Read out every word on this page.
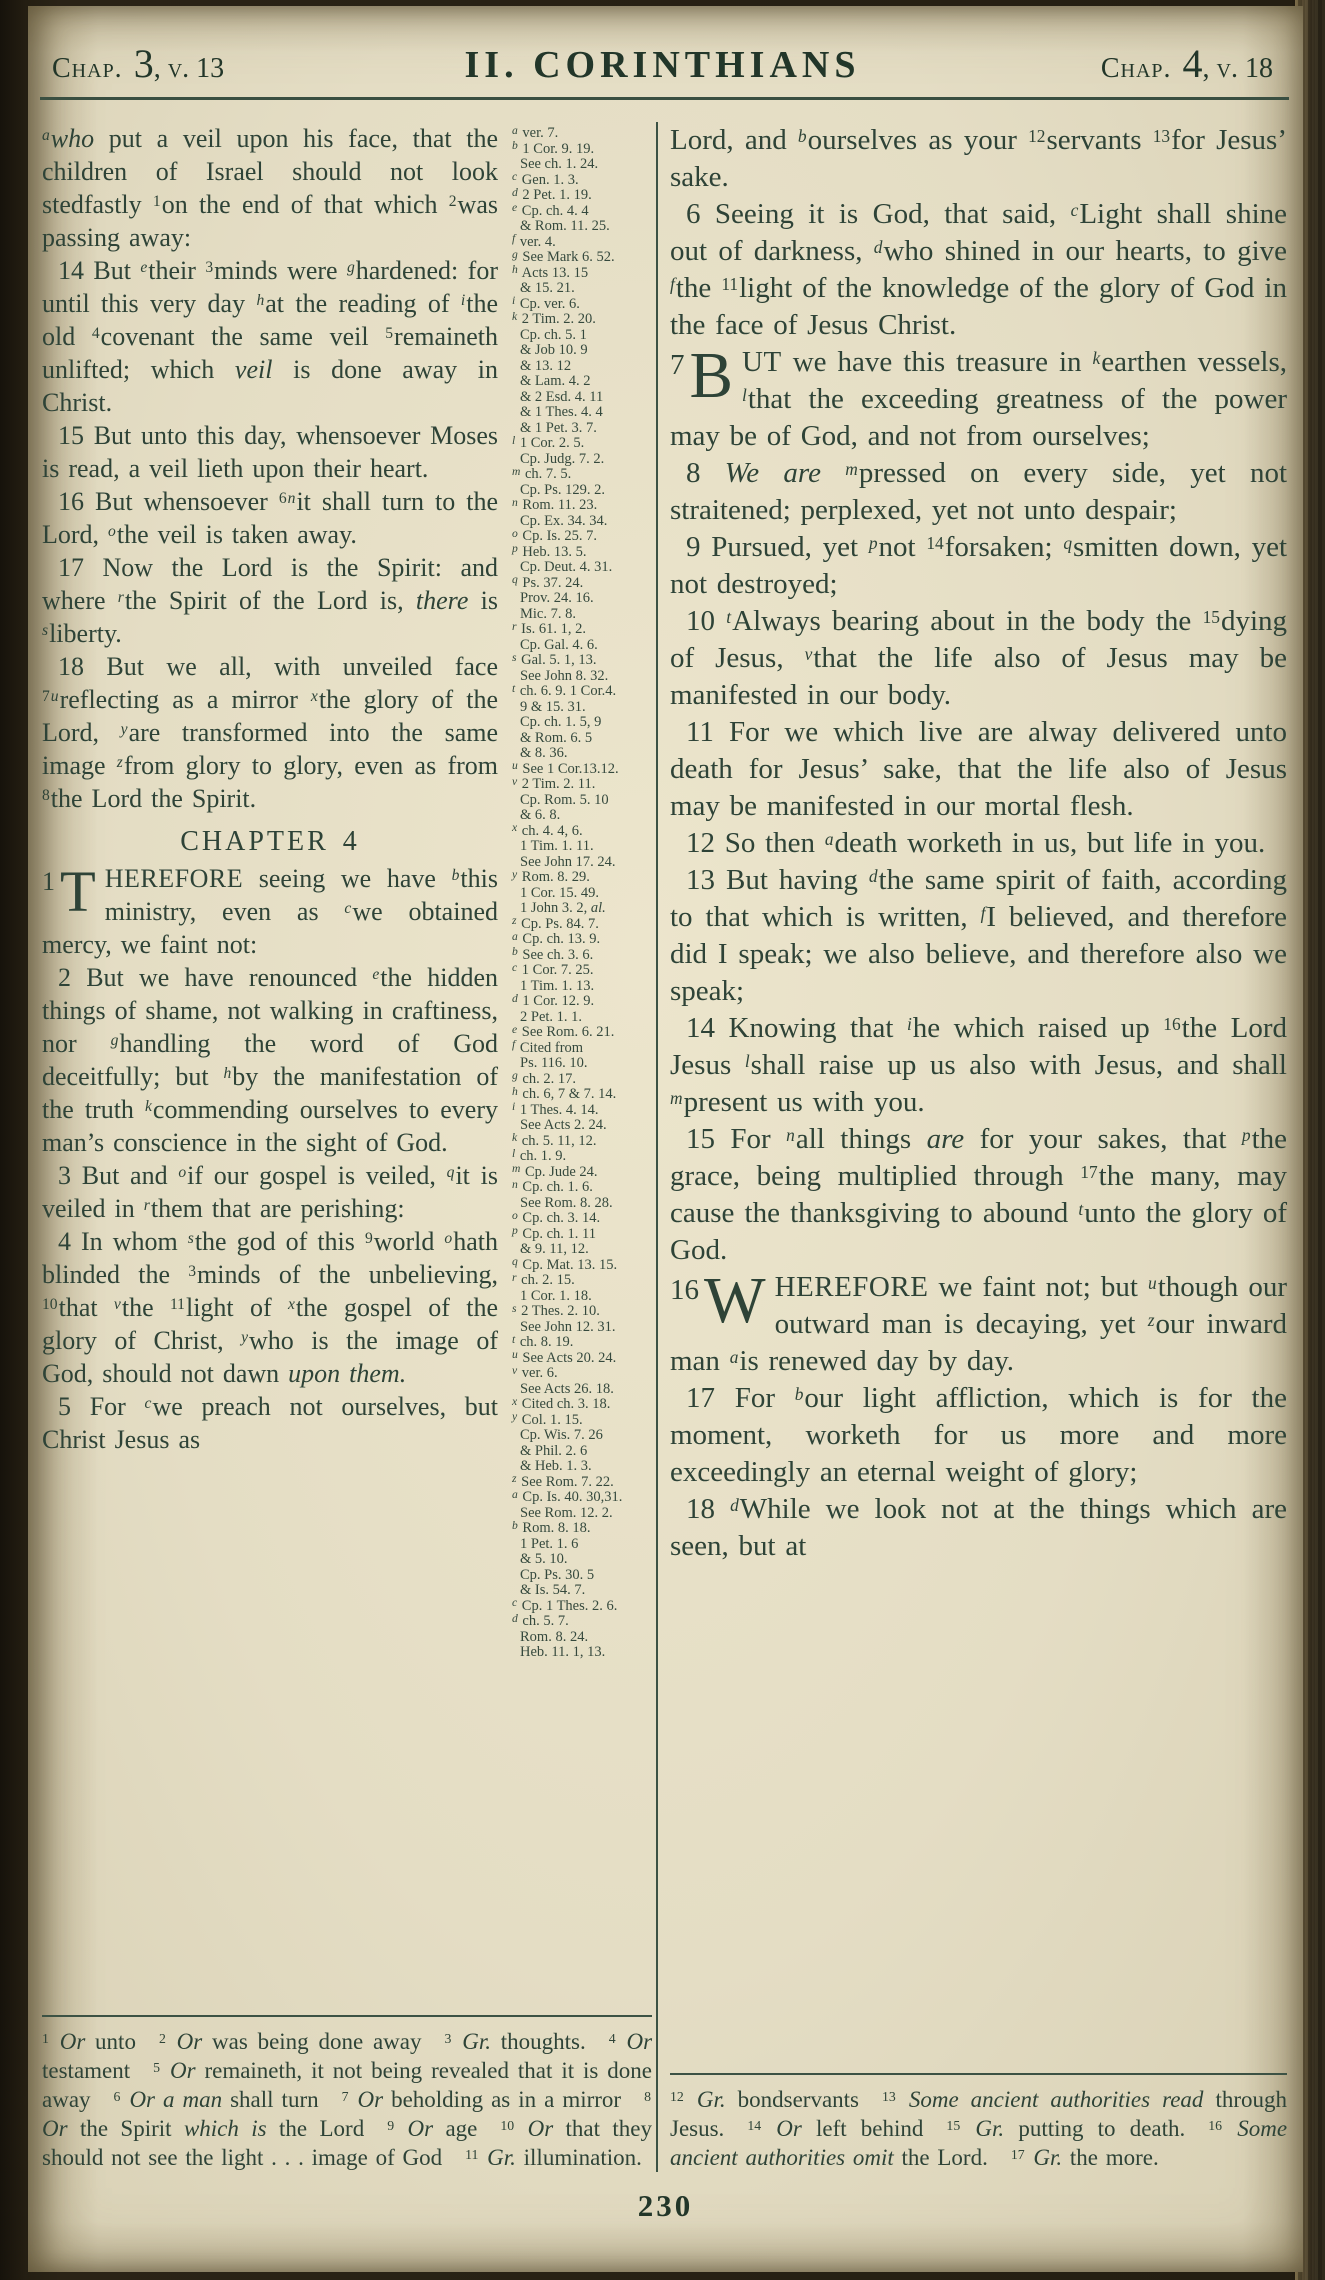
Chap. 3, v. 13	II. CORINTHIANS	Chap. 4, v. 18

$^a$who put a veil upon his face, that the children of Israel should not look stedfastly $^1$on the end of that which $^2$was passing away:

14 But $^e$their $^3$minds were $^g$hardened: for until this very day $^h$at the reading of $^i$the old $^4$covenant the same veil $^5$remaineth unlifted; which veil is done away in Christ.

15 But unto this day, whensoever Moses is read, a veil lieth upon their heart.

16 But whensoever $^{6n}$it shall turn to the Lord, $^o$the veil is taken away.

17 Now the Lord is the Spirit: and where $^r$the Spirit of the Lord is, there is $^s$liberty.

18 But we all, with unveiled face $^{7u}$reflecting as a mirror $^x$the glory of the Lord, $^y$are transformed into the same image $^z$from glory to glory, even as from $^8$the Lord the Spirit.

CHAPTER 4

1 T HEREFORE seeing we have $^b$this ministry, even as $^c$we obtained mercy, we faint not:

2 But we have renounced $^e$the hidden things of shame, not walking in craftiness, nor $^g$handling the word of God deceitfully; but $^h$by the manifestation of the truth $^k$commending ourselves to every man’s conscience in the sight of God.

3 But and $^o$if our gospel is veiled, $^q$it is veiled in $^r$them that are perishing:

4 In whom $^s$the god of this $^9$world $^o$hath blinded the $^3$minds of the unbelieving, $^{10}$that $^v$the $^{11}$light of $^x$the gospel of the glory of Christ, $^y$who is the image of God, should not dawn upon them.

5 For $^c$we preach not ourselves, but Christ Jesus as

$^a$ ver. 7.
$^b$ 1 Cor. 9. 19.
See ch. 1. 24.
$^c$ Gen. 1. 3.
$^d$ 2 Pet. 1. 19.
$^e$ Cp. ch. 4. 4
& Rom. 11. 25.
$^f$ ver. 4.
$^g$ See Mark 6. 52.
$^h$ Acts 13. 15
& 15. 21.
$^i$ Cp. ver. 6.
$^k$ 2 Tim. 2. 20.
Cp. ch. 5. 1
& Job 10. 9
& 13. 12
& Lam. 4. 2
& 2 Esd. 4. 11
& 1 Thes. 4. 4
& 1 Pet. 3. 7.
$^l$ 1 Cor. 2. 5.
Cp. Judg. 7. 2.
$^m$ ch. 7. 5.
Cp. Ps. 129. 2.
$^n$ Rom. 11. 23.
Cp. Ex. 34. 34.
$^o$ Cp. Is. 25. 7.
$^p$ Heb. 13. 5.
Cp. Deut. 4. 31.
$^q$ Ps. 37. 24.
Prov. 24. 16.
Mic. 7. 8.
$^r$ Is. 61. 1, 2.
Cp. Gal. 4. 6.
$^s$ Gal. 5. 1, 13.
See John 8. 32.
$^t$ ch. 6. 9. 1 Cor.4.
9 & 15. 31.
Cp. ch. 1. 5, 9
& Rom. 6. 5
& 8. 36.
$^u$ See 1 Cor.13.12.
$^v$ 2 Tim. 2. 11.
Cp. Rom. 5. 10
& 6. 8.
$^x$ ch. 4. 4, 6.
1 Tim. 1. 11.
See John 17. 24.
$^y$ Rom. 8. 29.
1 Cor. 15. 49.
1 John 3. 2, al.
$^z$ Cp. Ps. 84. 7.
$^a$ Cp. ch. 13. 9.
$^b$ See ch. 3. 6.
$^c$ 1 Cor. 7. 25.
1 Tim. 1. 13.
$^d$ 1 Cor. 12. 9.
2 Pet. 1. 1.
$^e$ See Rom. 6. 21.
$^f$ Cited from
Ps. 116. 10.
$^g$ ch. 2. 17.
$^h$ ch. 6, 7 & 7. 14.
$^i$ 1 Thes. 4. 14.
See Acts 2. 24.
$^k$ ch. 5. 11, 12.
$^l$ ch. 1. 9.
$^m$ Cp. Jude 24.
$^n$ Cp. ch. 1. 6.
See Rom. 8. 28.
$^o$ Cp. ch. 3. 14.
$^p$ Cp. ch. 1. 11
& 9. 11, 12.
$^q$ Cp. Mat. 13. 15.
$^r$ ch. 2. 15.
1 Cor. 1. 18.
$^s$ 2 Thes. 2. 10.
See John 12. 31.
$^t$ ch. 8. 19.
$^u$ See Acts 20. 24.
$^v$ ver. 6.
See Acts 26. 18.
$^x$ Cited ch. 3. 18.
$^y$ Col. 1. 15.
Cp. Wis. 7. 26
& Phil. 2. 6
& Heb. 1. 3.
$^z$ See Rom. 7. 22.
$^a$ Cp. Is. 40. 30,31.
See Rom. 12. 2.
$^b$ Rom. 8. 18.
1 Pet. 1. 6
& 5. 10.
Cp. Ps. 30. 5
& Is. 54. 7.
$^c$ Cp. 1 Thes. 2. 6.
$^d$ ch. 5. 7.
Rom. 8. 24.
Heb. 11. 1, 13.

$^1$ Or unto  $^2$ Or was being done away  $^3$ Gr. thoughts.  $^4$ Or testament  $^5$ Or remaineth, it not being revealed that it is done away  $^6$ Or a man shall turn  $^7$ Or beholding as in a mirror  $^8$ Or the Spirit which is the Lord  $^9$ Or age  $^{10}$ Or that they should not see the light . . . image of God  $^{11}$ Gr. illumination.

Lord, and $^b$ourselves as your $^{12}$servants $^{13}$for Jesus’ sake.

6 Seeing it is God, that said, $^c$Light shall shine out of darkness, $^d$who shined in our hearts, to give $^f$the $^{11}$light of the knowledge of the glory of God in the face of Jesus Christ.

7 B UT we have this treasure in $^k$earthen vessels, $^l$that the exceeding greatness of the power may be of God, and not from ourselves;

8 We are $^m$pressed on every side, yet not straitened; perplexed, yet not unto despair;

9 Pursued, yet $^p$not $^{14}$forsaken; $^q$smitten down, yet not destroyed;

10 $^t$Always bearing about in the body the $^{15}$dying of Jesus, $^v$that the life also of Jesus may be manifested in our body.

11 For we which live are alway delivered unto death for Jesus’ sake, that the life also of Jesus may be manifested in our mortal flesh.

12 So then $^a$death worketh in us, but life in you.

13 But having $^d$the same spirit of faith, according to that which is written, $^f$I believed, and therefore did I speak; we also believe, and therefore also we speak;

14 Knowing that $^i$he which raised up $^{16}$the Lord Jesus $^l$shall raise up us also with Jesus, and shall $^m$present us with you.

15 For $^n$all things are for your sakes, that $^p$the grace, being multiplied through $^{17}$the many, may cause the thanksgiving to abound $^t$unto the glory of God.

16 W HEREFORE we faint not; but $^u$though our outward man is decaying, yet $^z$our inward man $^a$is renewed day by day.

17 For $^b$our light affliction, which is for the moment, worketh for us more and more exceedingly an eternal weight of glory;

18 $^d$While we look not at the things which are seen, but at

$^{12}$ Gr. bondservants  $^{13}$ Some ancient authorities read through Jesus.  $^{14}$ Or left behind  $^{15}$ Gr. putting to death.  $^{16}$ Some ancient authorities omit the Lord.  $^{17}$ Gr. the more.

230
